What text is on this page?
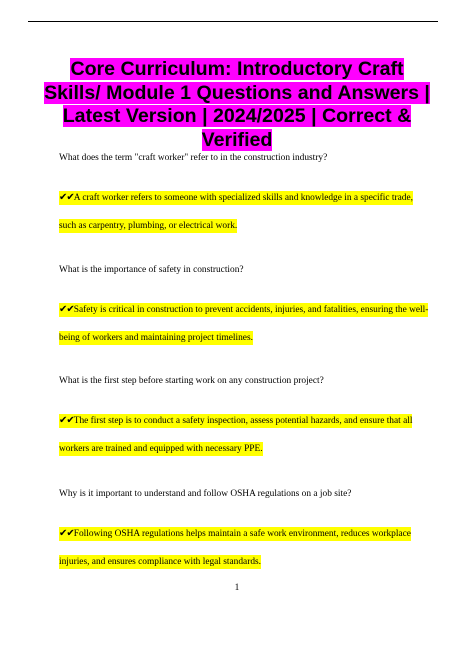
Core Curriculum: Introductory Craft Skills/ Module 1 Questions and Answers | Latest Version | 2024/2025 | Correct & Verified

What does the term "craft worker" refer to in the construction industry?

✔✔A craft worker refers to someone with specialized skills and knowledge in a specific trade, such as carpentry, plumbing, or electrical work.

What is the importance of safety in construction?

✔✔Safety is critical in construction to prevent accidents, injuries, and fatalities, ensuring the well-being of workers and maintaining project timelines.

What is the first step before starting work on any construction project?

✔✔The first step is to conduct a safety inspection, assess potential hazards, and ensure that all workers are trained and equipped with necessary PPE.

Why is it important to understand and follow OSHA regulations on a job site?

✔✔Following OSHA regulations helps maintain a safe work environment, reduces workplace injuries, and ensures compliance with legal standards.

1
